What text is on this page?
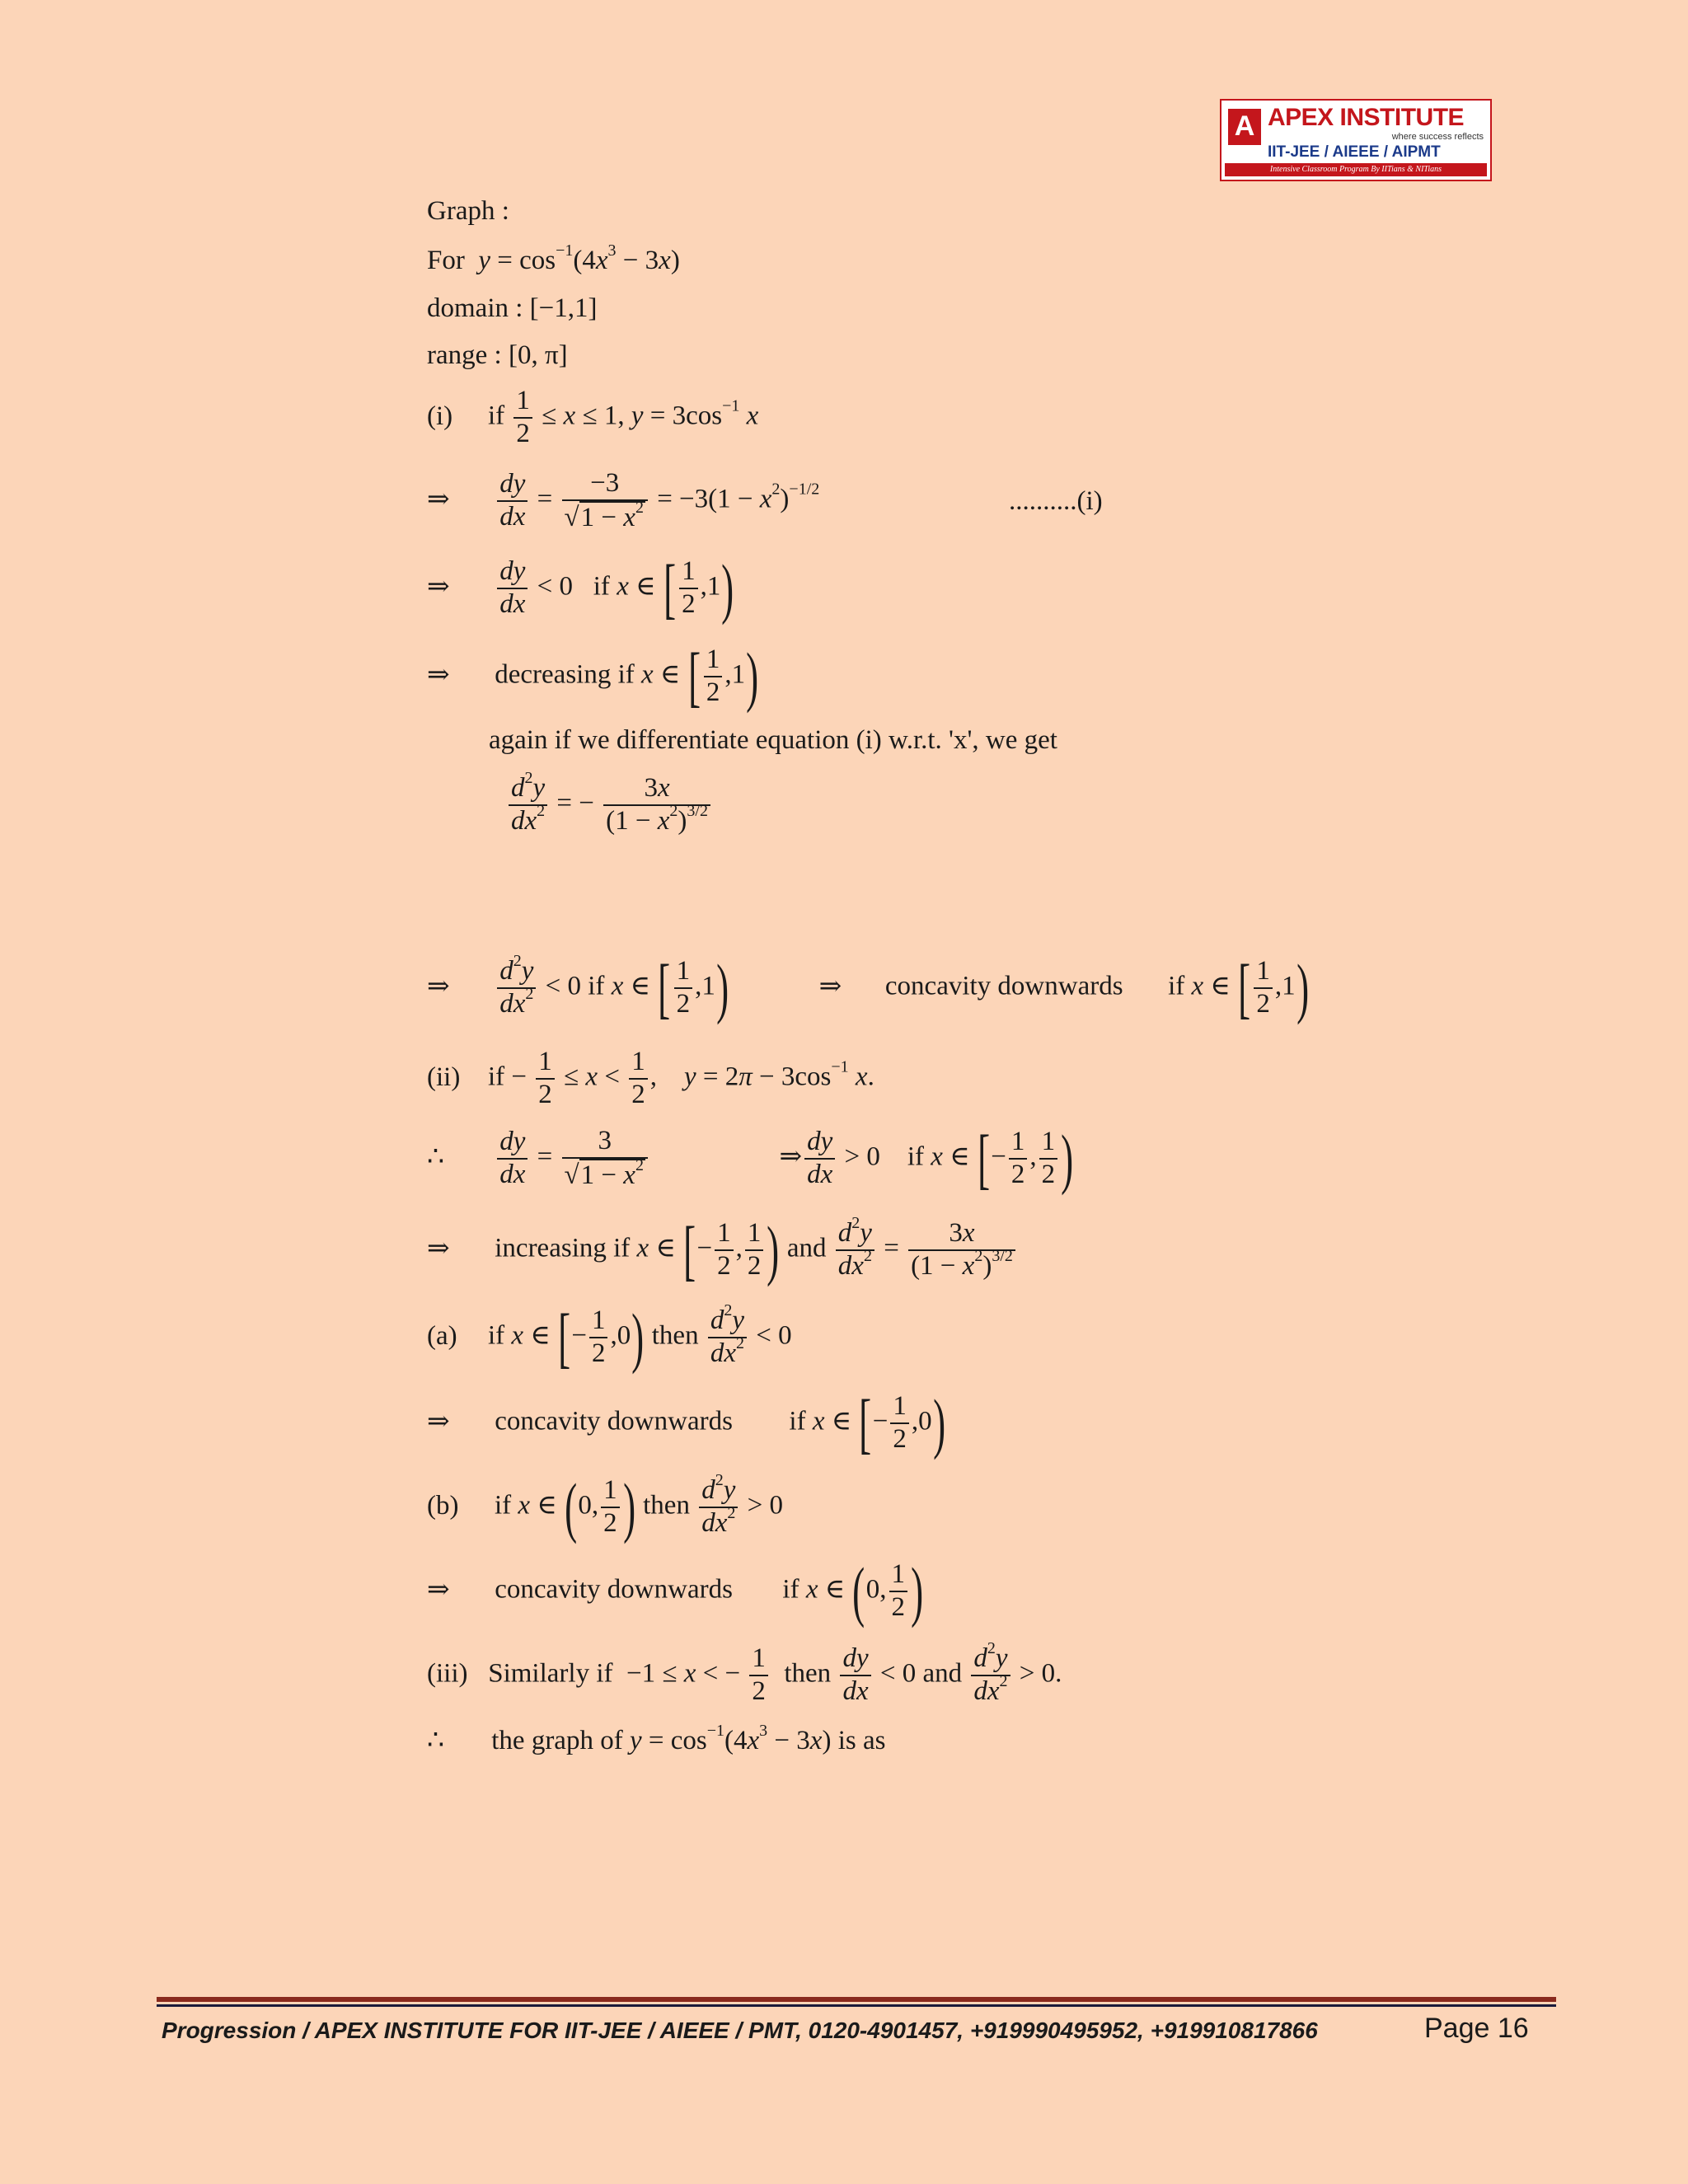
A APEX INSTITUTE
where success reflects
IIT-JEE / AIEEE / AIPMT
Intensive Classroom Program By IITians & NITians
Graph :
For $y = \cos^{-1}(4x^3 - 3x)$
domain : [−1,1]
range : [0, π]
(i) if $\frac{1}{2} \le x \le 1$, $y = 3\cos^{-1}$ x
⇒ $\frac{dy}{dx} = \frac{-3}{√1 - x^2} = -3(1 - x^2)^{-1/2}$	..........(i)
⇒ $\frac{dy}{dx} < 0$   if x ∈ [ $\frac{1}{2} ,1$)
⇒ decreasing if x ∈ [ $\frac{1}{2} ,1$)
again if we differentiate equation (i) w.r.t. 'x', we get
$\frac{d^2y}{dx^2}$ = − $\frac{3x}{(1 - x^2)^{3/2}}$
⇒ $\frac{d^2y}{dx^2} < 0$ if x ∈ [ $\frac{1}{2} ,1$)	⇒ concavity downwards if x ∈ [ $\frac{1}{2} ,1$)
(ii) if − $\frac{1}{2} \le x < \frac{1}{2}$ ,    $y = 2\pi - 3\cos^{-1}$ x.
∴ $\frac{dy}{dx} = \frac{3}{√1 - x^2}$	⇒ $\frac{dy}{dx} > 0$    if x ∈ [− $\frac{1}{2}$ , $\frac{1}{2}$ )
⇒ increasing if x ∈ [− $\frac{1}{2}$ , $\frac{1}{2}$ ) and $\frac{d^2y}{dx^2} = \frac{3x}{(1 - x^2)^{3/2}}$
(a) if x ∈ [− $\frac{1}{2} ,0$) then $\frac{d^2y}{dx^2} < 0$
⇒ concavity downwards if x ∈ [− $\frac{1}{2} ,0$)
(b) if x ∈ (0, $\frac{1}{2}$ ) then $\frac{d^2y}{dx^2} > 0$
⇒ concavity downwards if x ∈ (0, $\frac{1}{2}$ )
(iii) Similarly if  −1 ≤ x < − $\frac{1}{2}$ then $\frac{dy}{dx} < 0$ and $\frac{d^2y}{dx^2} > 0$.
∴ the graph of $y = \cos^{-1}(4x^3 - 3x)$ is as
Progression / APEX INSTITUTE FOR IIT-JEE / AIEEE / PMT, 0120-4901457, +919990495952, +919910817866	Page 16
